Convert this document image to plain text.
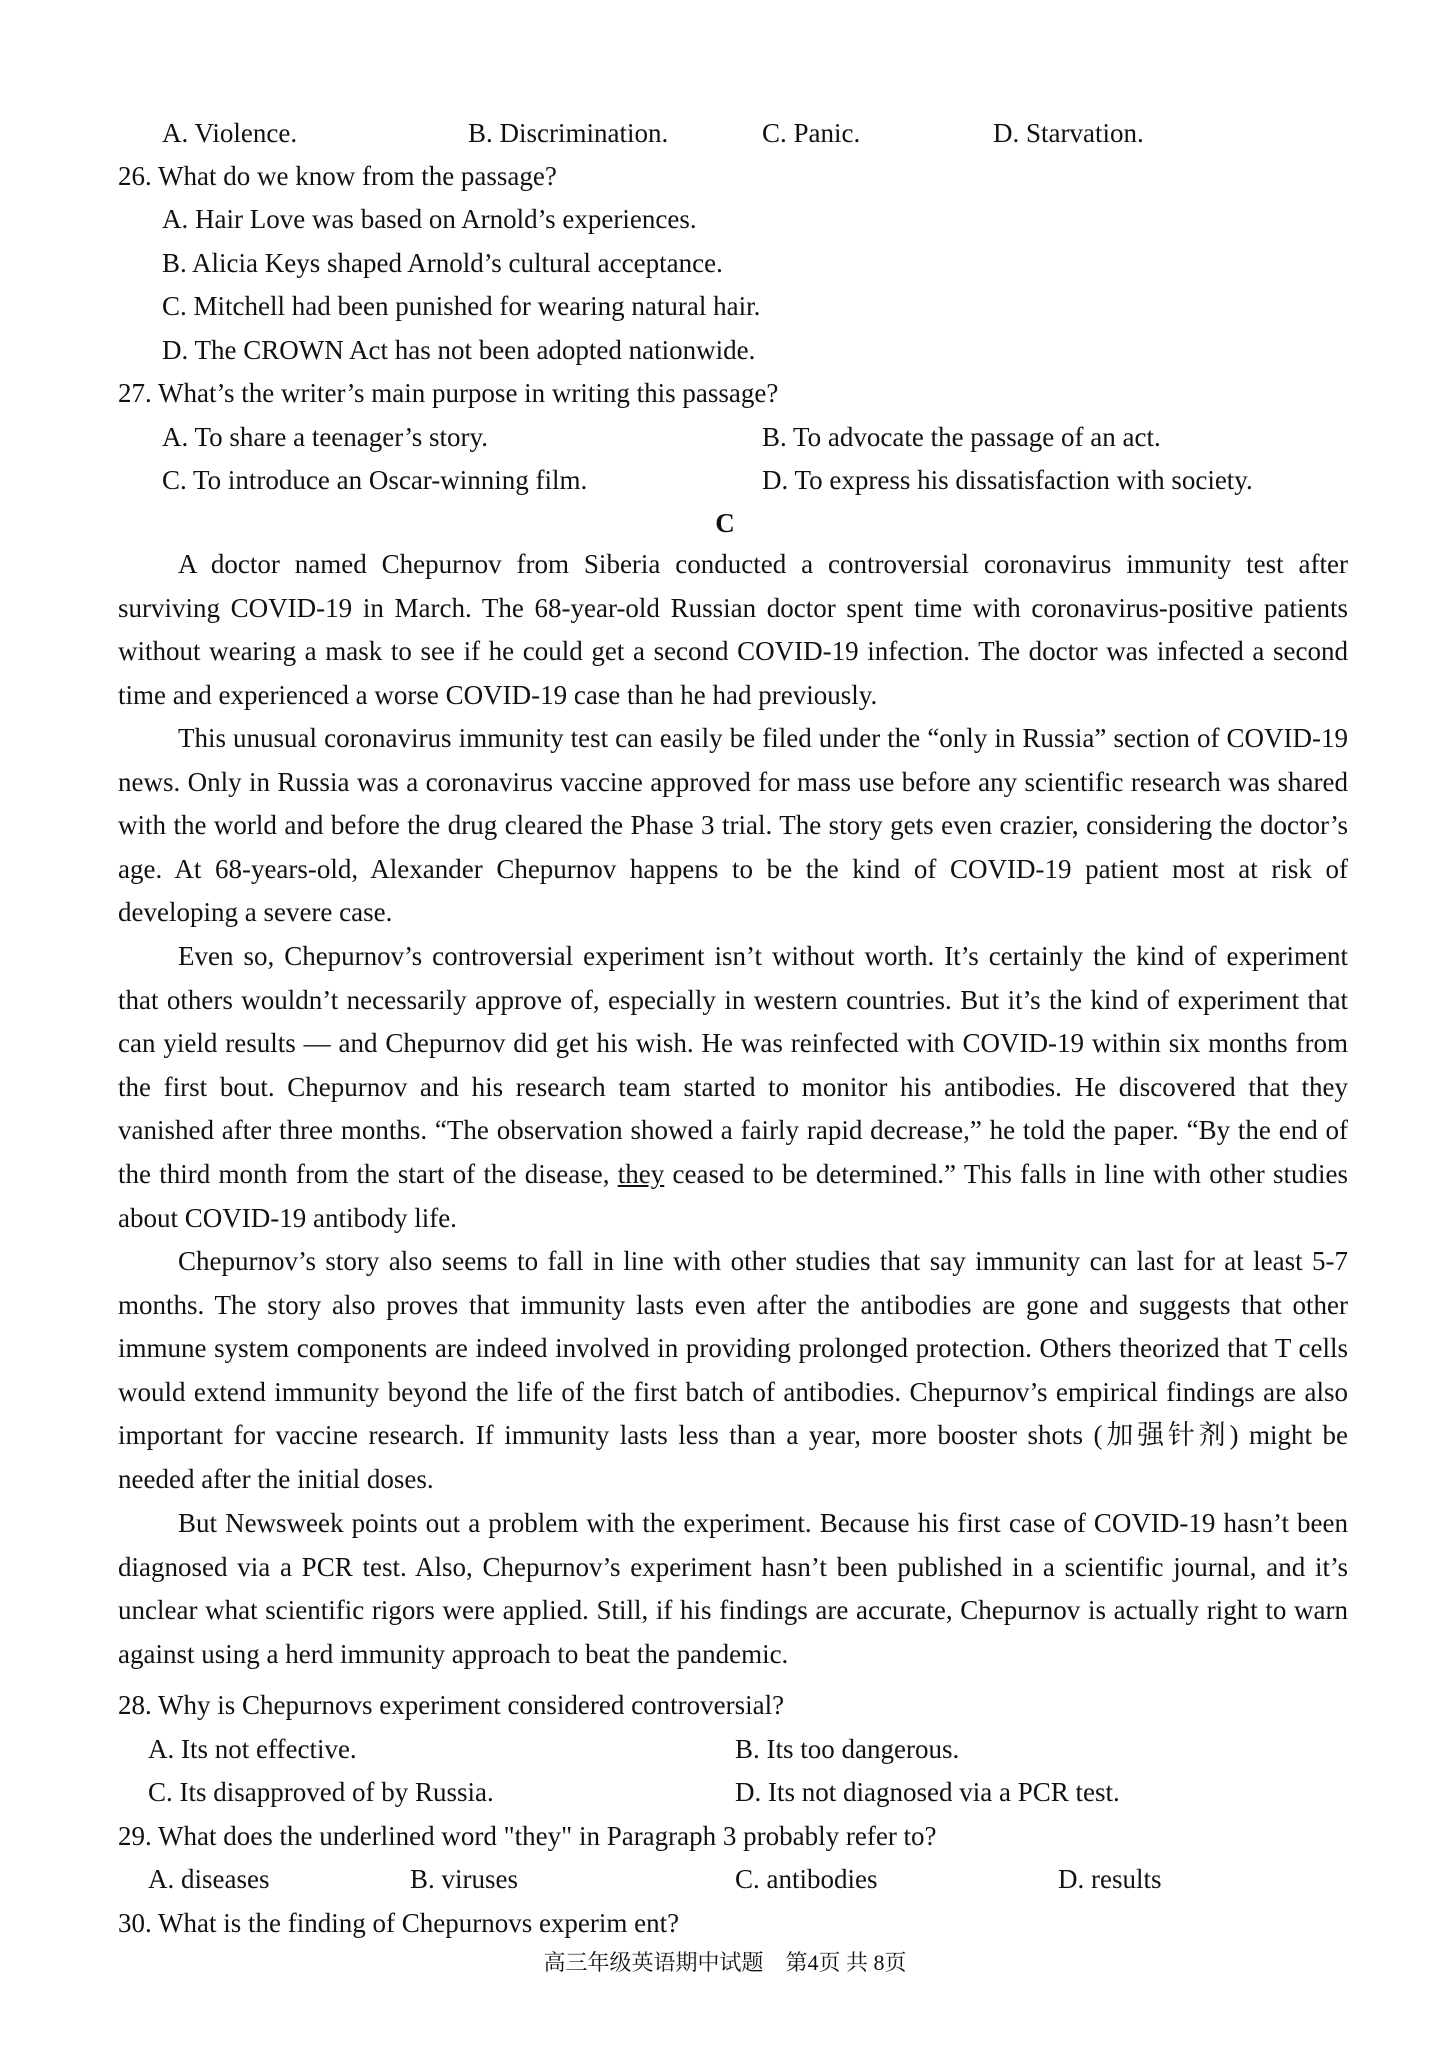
A. Violence.	B. Discrimination.	C. Panic.	D. Starvation.
26. What do we know from the passage?
A. Hair Love was based on Arnold’s experiences.
B. Alicia Keys shaped Arnold’s cultural acceptance.
C. Mitchell had been punished for wearing natural hair.
D. The CROWN Act has not been adopted nationwide.
27. What’s the writer’s main purpose in writing this passage?
A. To share a teenager’s story.	B. To advocate the passage of an act.
C. To introduce an Oscar-winning film.	D. To express his dissatisfaction with society.
C

A doctor named Chepurnov from Siberia conducted a controversial coronavirus immunity test after surviving COVID-19 in March. The 68-year-old Russian doctor spent time with coronavirus-positive patients without wearing a mask to see if he could get a second COVID-19 infection. The doctor was infected a second time and experienced a worse COVID-19 case than he had previously.

This unusual coronavirus immunity test can easily be filed under the “only in Russia” section of COVID-19 news. Only in Russia was a coronavirus vaccine approved for mass use before any scientific research was shared with the world and before the drug cleared the Phase 3 trial. The story gets even crazier, considering the doctor’s age. At 68-years-old, Alexander Chepurnov happens to be the kind of COVID-19 patient most at risk of developing a severe case.

Even so, Chepurnov’s controversial experiment isn’t without worth. It’s certainly the kind of experiment that others wouldn’t necessarily approve of, especially in western countries. But it’s the kind of experiment that can yield results — and Chepurnov did get his wish. He was reinfected with COVID-19 within six months from the first bout. Chepurnov and his research team started to monitor his antibodies. He discovered that they vanished after three months. “The observation showed a fairly rapid decrease,” he told the paper. “By the end of the third month from the start of the disease, they ceased to be determined.” This falls in line with other studies about COVID-19 antibody life.

Chepurnov’s story also seems to fall in line with other studies that say immunity can last for at least 5-7 months. The story also proves that immunity lasts even after the antibodies are gone and suggests that other immune system components are indeed involved in providing prolonged protection. Others theorized that T cells would extend immunity beyond the life of the first batch of antibodies. Chepurnov’s empirical findings are also important for vaccine research. If immunity lasts less than a year, more booster shots (加强针剂) might be needed after the initial doses.

But Newsweek points out a problem with the experiment. Because his first case of COVID-19 hasn’t been diagnosed via a PCR test. Also, Chepurnov’s experiment hasn’t been published in a scientific journal, and it’s unclear what scientific rigors were applied. Still, if his findings are accurate, Chepurnov is actually right to warn against using a herd immunity approach to beat the pandemic.

28. Why is Chepurnovs experiment considered controversial?
A. Its not effective.	B. Its too dangerous.
C. Its disapproved of by Russia.	D. Its not diagnosed via a PCR test.
29. What does the underlined word "they" in Paragraph 3 probably refer to?
A. diseases	B. viruses	C. antibodies	D. results
30. What is the finding of Chepurnovs experim ent?
高三年级英语期中试题　第4页 共 8页
